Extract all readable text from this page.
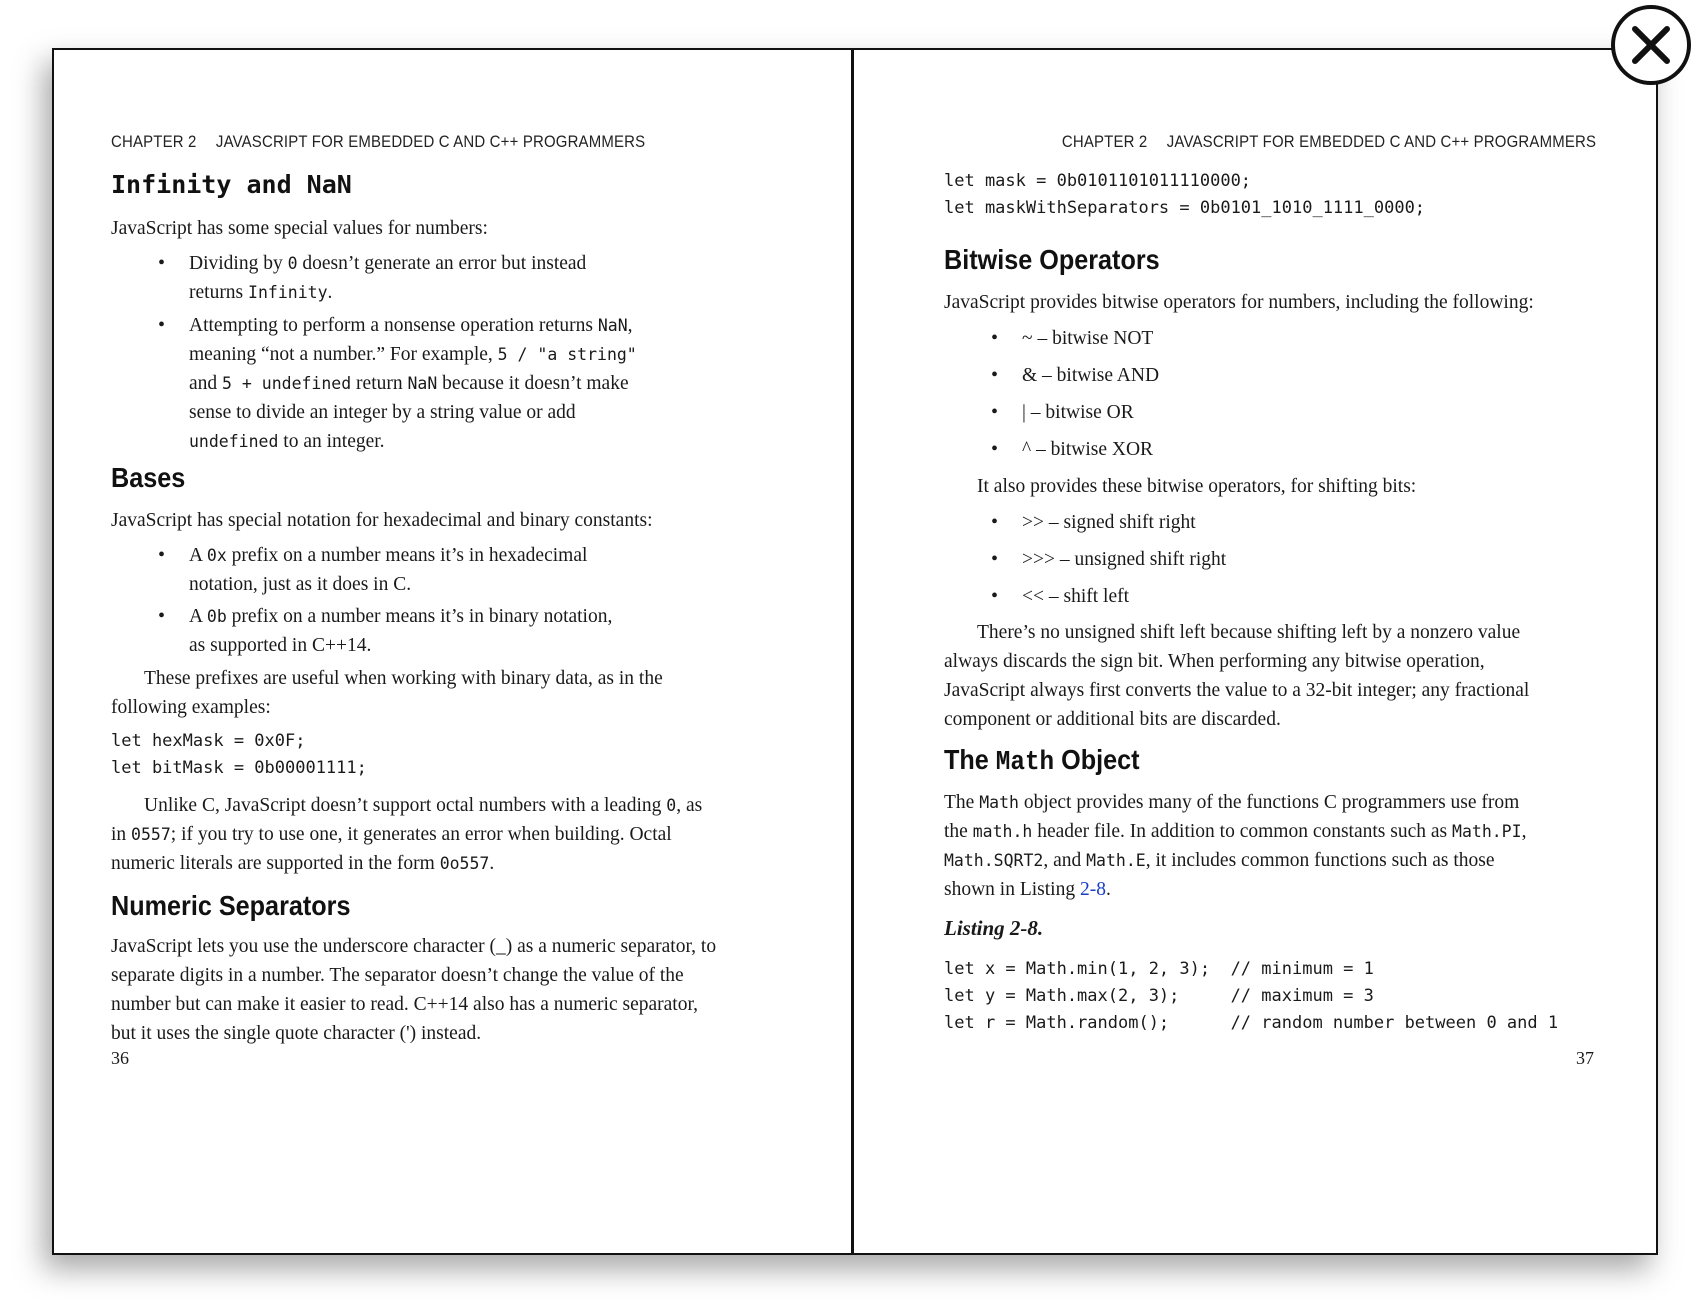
CHAPTER 2 JAVASCRIPT FOR EMBEDDED C AND C++ PROGRAMMERS
Infinity and NaN

JavaScript has some special values for numbers:

• Dividing by 0 doesn’t generate an error but instead returns Infinity.

• Attempting to perform a nonsense operation returns NaN, meaning “not a number.” For example, 5 / "a string" and 5 + undefined return NaN because it doesn’t make sense to divide an integer by a string value or add undefined to an integer.

Bases

JavaScript has special notation for hexadecimal and binary constants:

• A 0x prefix on a number means it’s in hexadecimal notation, just as it does in C.

• A 0b prefix on a number means it’s in binary notation, as supported in C++14.

These prefixes are useful when working with binary data, as in the following examples:

let hexMask = 0x0F;
let bitMask = 0b00001111;

Unlike C, JavaScript doesn’t support octal numbers with a leading 0, as in 0557; if you try to use one, it generates an error when building. Octal numeric literals are supported in the form 0o557.

Numeric Separators

JavaScript lets you use the underscore character (_) as a numeric separator, to separate digits in a number. The separator doesn’t change the value of the number but can make it easier to read. C++14 also has a numeric separator, but it uses the single quote character (') instead.

36
CHAPTER 2 JAVASCRIPT FOR EMBEDDED C AND C++ PROGRAMMERS
let mask = 0b0101101011110000;
let maskWithSeparators = 0b0101_1010_1111_0000;
Bitwise Operators

JavaScript provides bitwise operators for numbers, including the following:

• ~ – bitwise NOT

• & – bitwise AND

• | – bitwise OR

• ^ – bitwise XOR

It also provides these bitwise operators, for shifting bits:

• >> – signed shift right

• >>> – unsigned shift right

• << – shift left

There’s no unsigned shift left because shifting left by a nonzero value always discards the sign bit. When performing any bitwise operation, JavaScript always first converts the value to a 32-bit integer; any fractional component or additional bits are discarded.

The Math Object

The Math object provides many of the functions C programmers use from the math.h header file. In addition to common constants such as Math.PI, Math.SQRT2, and Math.E, it includes common functions such as those shown in Listing 2-8.

Listing 2-8.
let x = Math.min(1, 2, 3);  // minimum = 1
let y = Math.max(2, 3);     // maximum = 3
let r = Math.random();      // random number between 0 and 1
37
